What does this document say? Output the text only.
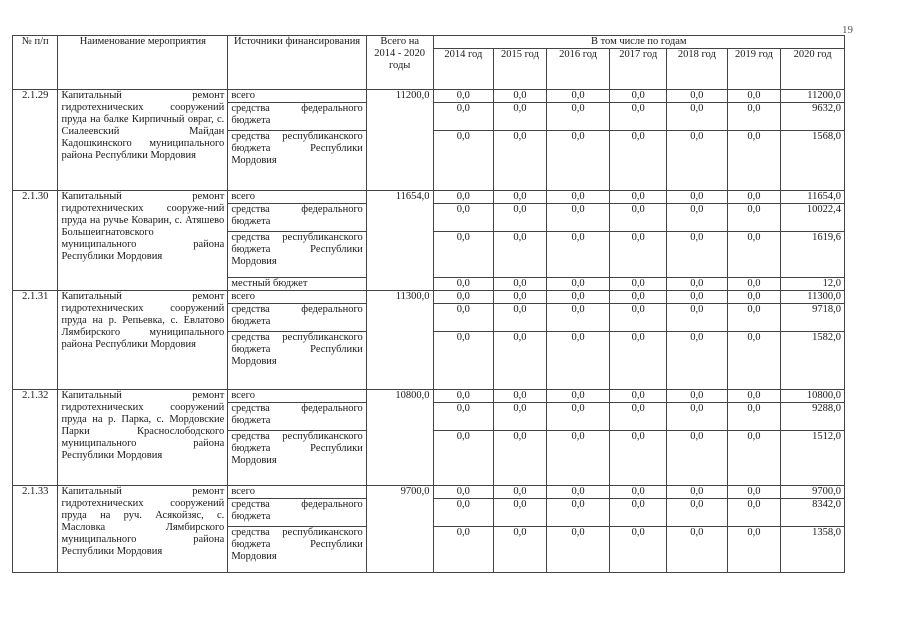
19
№ п/п	Наименование мероприятия	Источники финансирования	Всего на 2014 - 2020 годы	В том числе по годам						
				2014 год	2015 год	2016 год	2017 год	2018 год	2019 год	2020 год
2.1.29	Капитальный ремонт гидротехнических сооружений пруда на балке Кирпичный овраг, с. Сиалеевский Майдан Кадошкинского муниципального района Республики Мордовия	всего	11200,0	0,0	0,0	0,0	0,0	0,0	0,0	11200,0
		средства федерального бюджета		0,0	0,0	0,0	0,0	0,0	0,0	9632,0
		средства республиканского бюджета Республики Мордовия		0,0	0,0	0,0	0,0	0,0	0,0	1568,0
2.1.30	Капитальный ремонт гидротехнических сооруже-ний пруда на ручье Коварин, с. Атяшево Большеигнатовского муниципального района Республики Мордовия	всего	11654,0	0,0	0,0	0,0	0,0	0,0	0,0	11654,0
		средства федерального бюджета		0,0	0,0	0,0	0,0	0,0	0,0	10022,4
		средства республиканского бюджета Республики Мордовия		0,0	0,0	0,0	0,0	0,0	0,0	1619,6
		местный бюджет		0,0	0,0	0,0	0,0	0,0	0,0	12,0
2.1.31	Капитальный ремонт гидротехнических сооружений пруда на р. Репьевка, с. Евлатово Лямбирского муниципального района Республики Мордовия	всего	11300,0	0,0	0,0	0,0	0,0	0,0	0,0	11300,0
		средства федерального бюджета		0,0	0,0	0,0	0,0	0,0	0,0	9718,0
		средства республиканского бюджета Республики Мордовия		0,0	0,0	0,0	0,0	0,0	0,0	1582,0
2.1.32	Капитальный ремонт гидротехнических сооружений пруда на р. Парка, с. Мордовские Парки Краснослободского муниципального района Республики Мордовия	всего	10800,0	0,0	0,0	0,0	0,0	0,0	0,0	10800,0
		средства федерального бюджета		0,0	0,0	0,0	0,0	0,0	0,0	9288,0
		средства республиканского бюджета Республики Мордовия		0,0	0,0	0,0	0,0	0,0	0,0	1512,0
2.1.33	Капитальный ремонт гидротехнических сооружений пруда на руч. Асякойзяс, с. Масловка Лямбирского муниципального района Республики Мордовия	всего	9700,0	0,0	0,0	0,0	0,0	0,0	0,0	9700,0
		средства федерального бюджета		0,0	0,0	0,0	0,0	0,0	0,0	8342,0
		средства республиканского бюджета Республики Мордовия		0,0	0,0	0,0	0,0	0,0	0,0	1358,0
